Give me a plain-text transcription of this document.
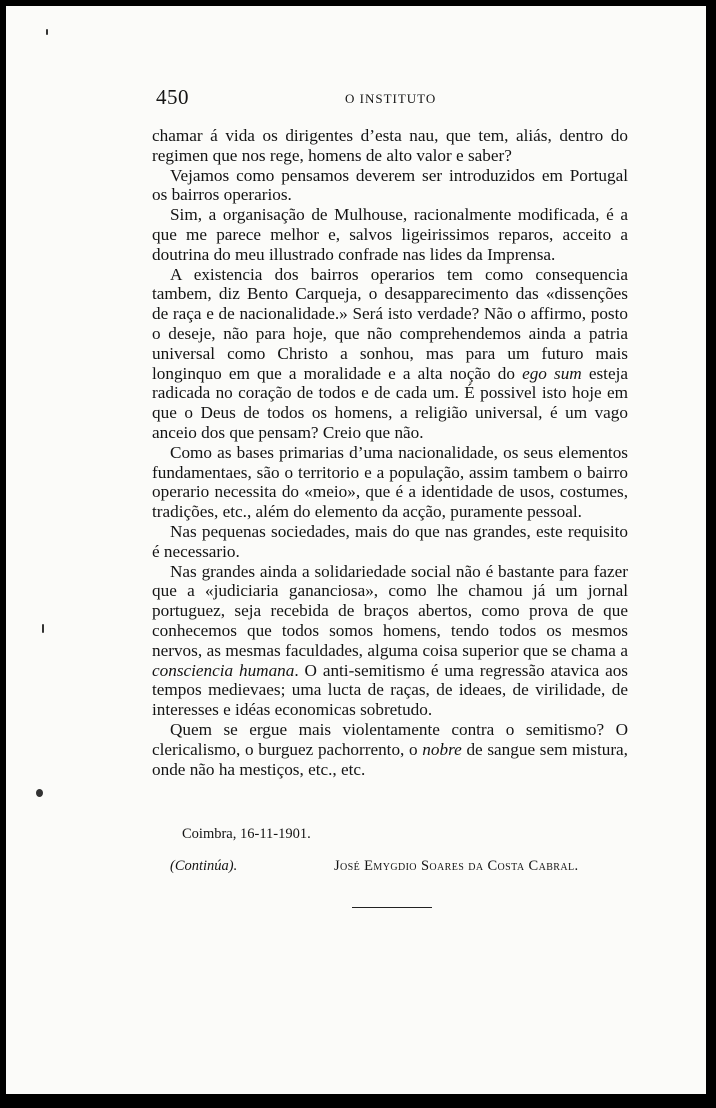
450	O INSTITUTO

chamar á vida os dirigentes d’esta nau, que tem, aliás, dentro do regimen que nos rege, homens de alto valor e saber?

Vejamos como pensamos deverem ser introduzidos em Portugal os bairros operarios.

Sim, a organisação de Mulhouse, racionalmente modificada, é a que me parece melhor e, salvos ligeirissimos reparos, acceito a doutrina do meu illustrado confrade nas lides da Imprensa.

A existencia dos bairros operarios tem como consequencia tambem, diz Bento Carqueja, o desapparecimento das «dissenções de raça e de nacionalidade.» Será isto verdade? Não o affirmo, posto o deseje, não para hoje, que não comprehendemos ainda a patria universal como Christo a sonhou, mas para um futuro mais longinquo em que a moralidade e a alta noção do ego sum esteja radicada no coração de todos e de cada um. É possivel isto hoje em que o Deus de todos os homens, a religião universal, é um vago anceio dos que pensam? Creio que não.

Como as bases primarias d’uma nacionalidade, os seus elementos fundamentaes, são o territorio e a população, assim tambem o bairro operario necessita do «meio», que é a identidade de usos, costumes, tradições, etc., além do elemento da acção, puramente pessoal.

Nas pequenas sociedades, mais do que nas grandes, este requisito é necessario.

Nas grandes ainda a solidariedade social não é bastante para fazer que a «judiciaria gananciosa», como lhe chamou já um jornal portuguez, seja recebida de braços abertos, como prova de que conhecemos que todos somos homens, tendo todos os mesmos nervos, as mesmas faculdades, alguma coisa superior que se chama a consciencia humana. O anti-semitismo é uma regressão atavica aos tempos medievaes; uma lucta de raças, de ideaes, de virilidade, de interesses e idéas economicas sobretudo.

Quem se ergue mais violentamente contra o semitismo? O clericalismo, o burguez pachorrento, o nobre de sangue sem mistura, onde não ha mestiços, etc., etc.

Coimbra, 16-11-1901.
(Continúa).	José Emygdio Soares da Costa Cabral.
